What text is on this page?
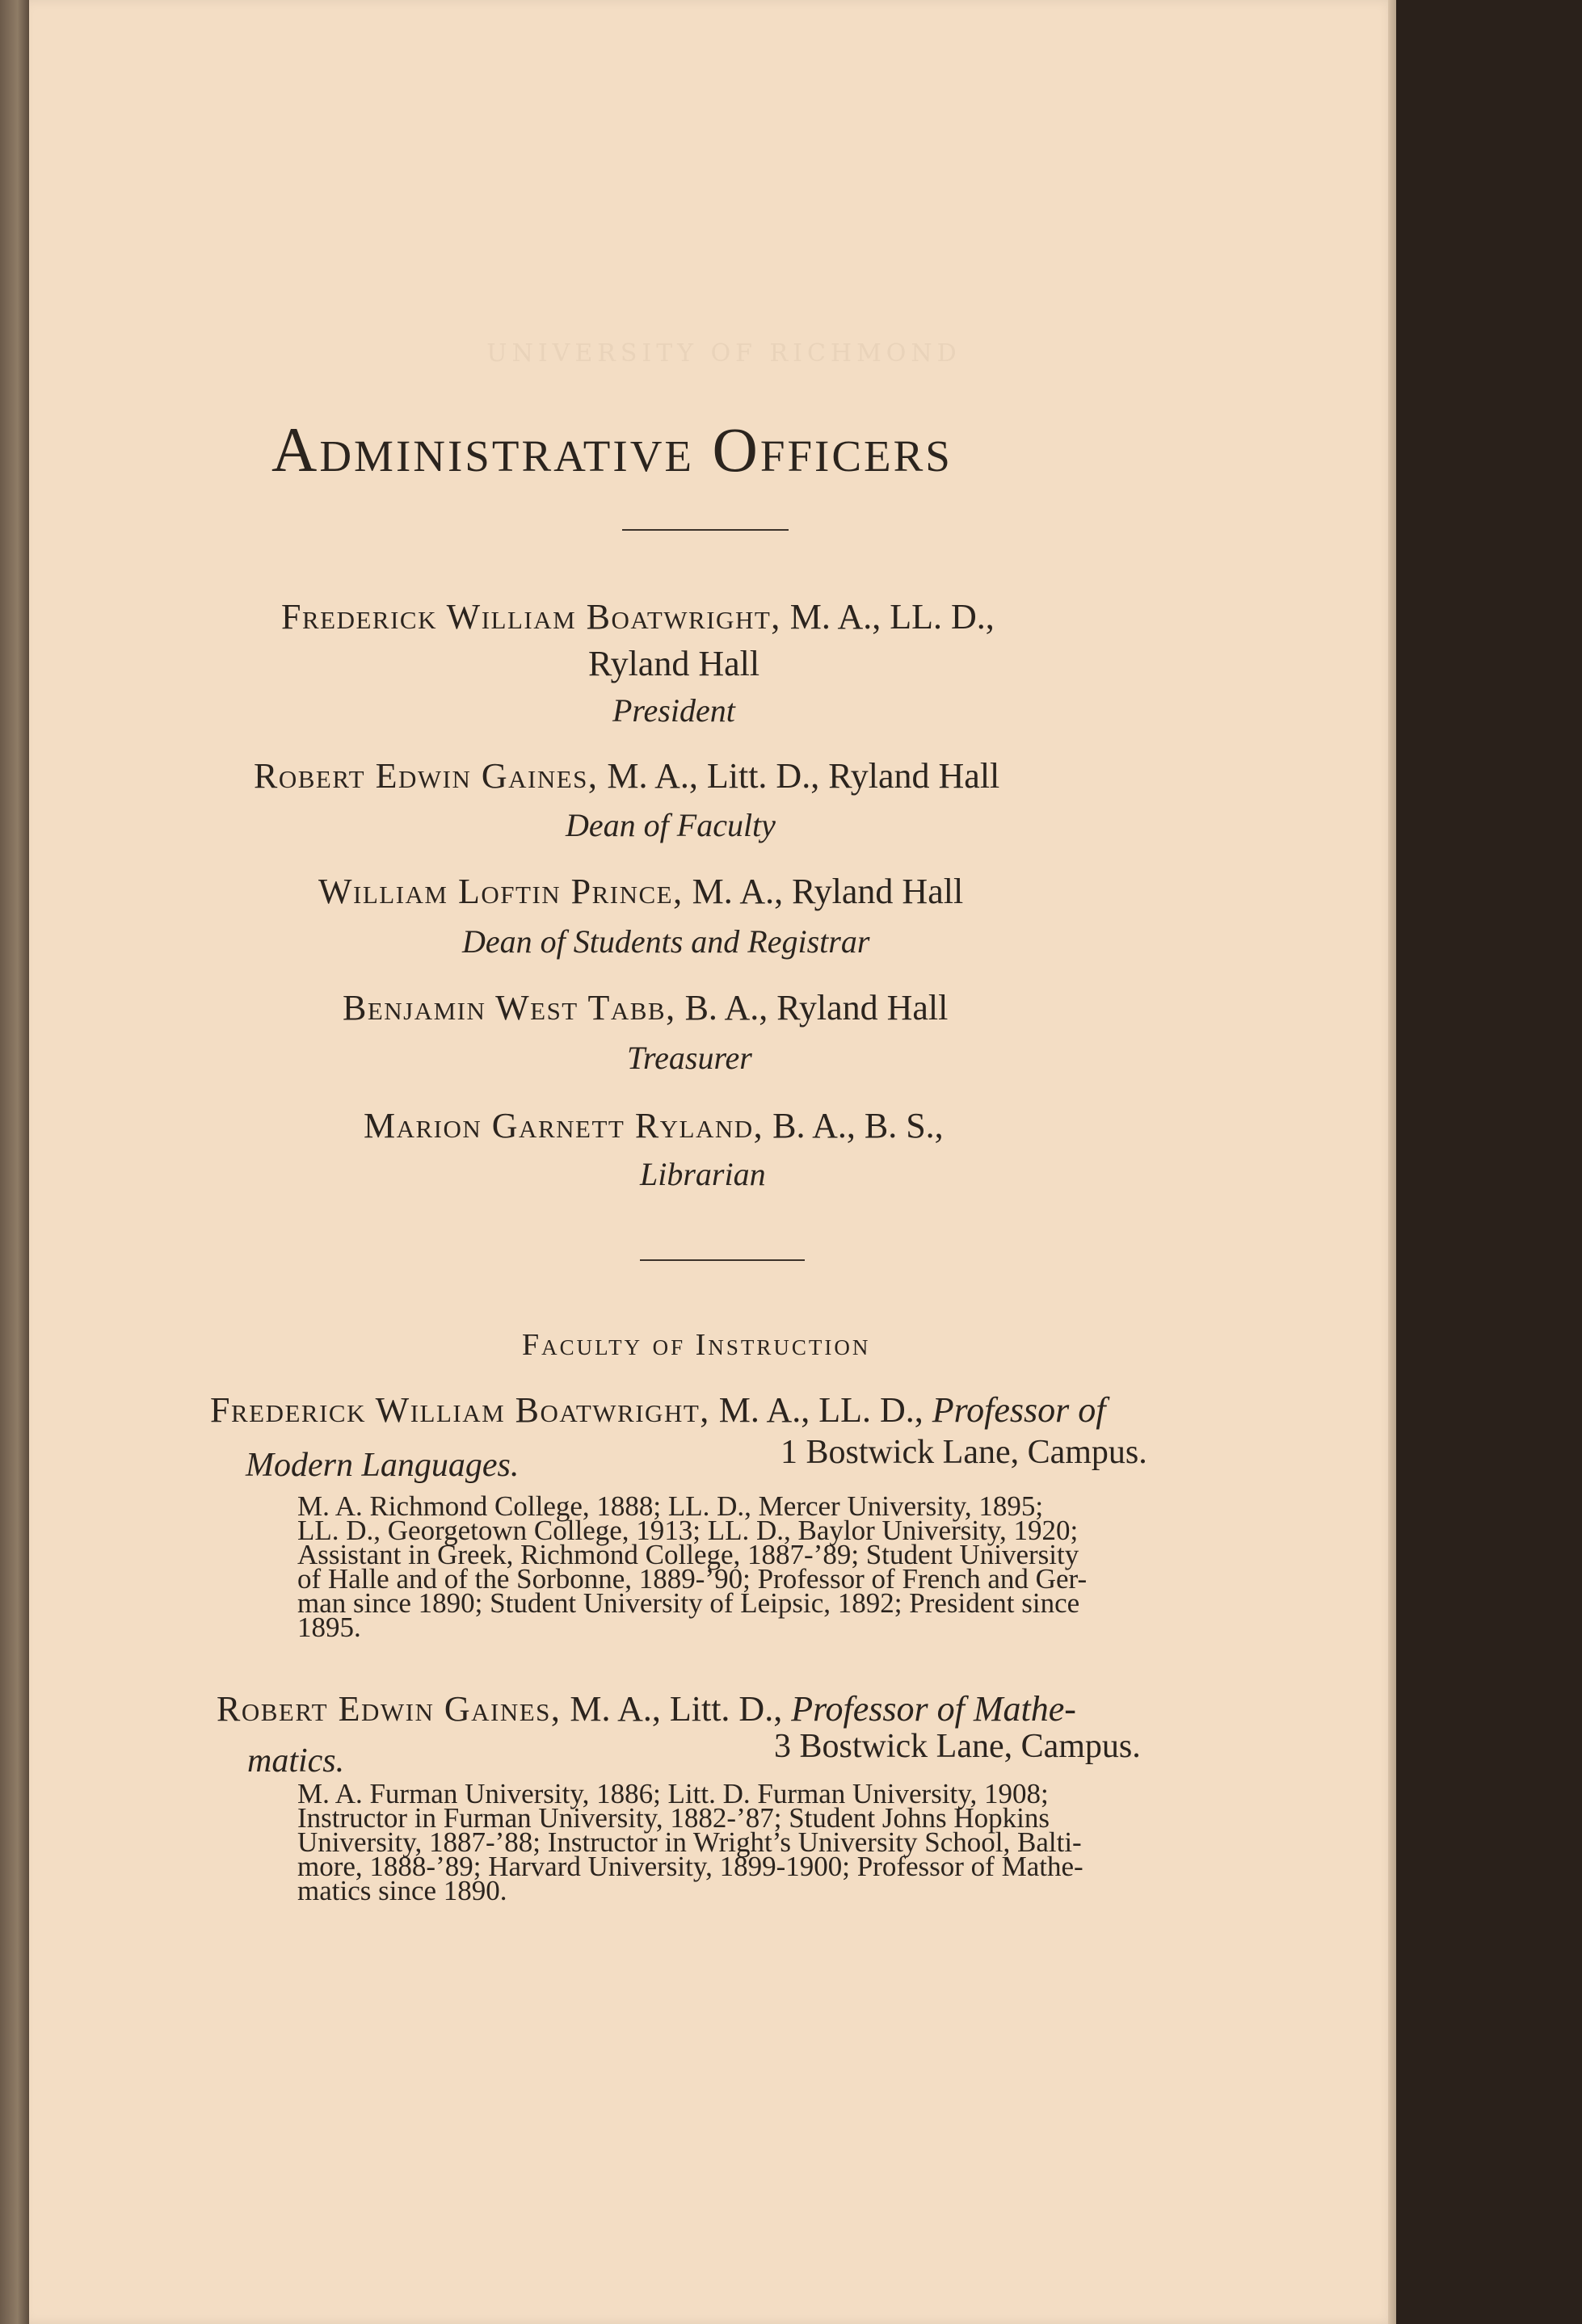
UNIVERSITY OF RICHMOND
Administrative Officers
Frederick William Boatwright, M. A., LL. D.,
Ryland Hall
President
Robert Edwin Gaines, M. A., Litt. D., Ryland Hall
Dean of Faculty
William Loftin Prince, M. A., Ryland Hall
Dean of Students and Registrar
Benjamin West Tabb, B. A., Ryland Hall
Treasurer
Marion Garnett Ryland, B. A., B. S.,
Librarian
Faculty of Instruction
Frederick William Boatwright, M. A., LL. D., Professor of
Modern Languages.	1 Bostwick Lane, Campus.
M. A. Richmond College, 1888; LL. D., Mercer University, 1895;
LL. D., Georgetown College, 1913; LL. D., Baylor University, 1920;
Assistant in Greek, Richmond College, 1887-’89; Student University
of Halle and of the Sorbonne, 1889-’90; Professor of French and Ger-
man since 1890; Student University of Leipsic, 1892; President since
1895.
Robert Edwin Gaines, M. A., Litt. D., Professor of Mathe-
matics.	3 Bostwick Lane, Campus.
M. A. Furman University, 1886; Litt. D. Furman University, 1908;
Instructor in Furman University, 1882-’87; Student Johns Hopkins
University, 1887-’88; Instructor in Wright’s University School, Balti-
more, 1888-’89; Harvard University, 1899-1900; Professor of Mathe-
matics since 1890.
